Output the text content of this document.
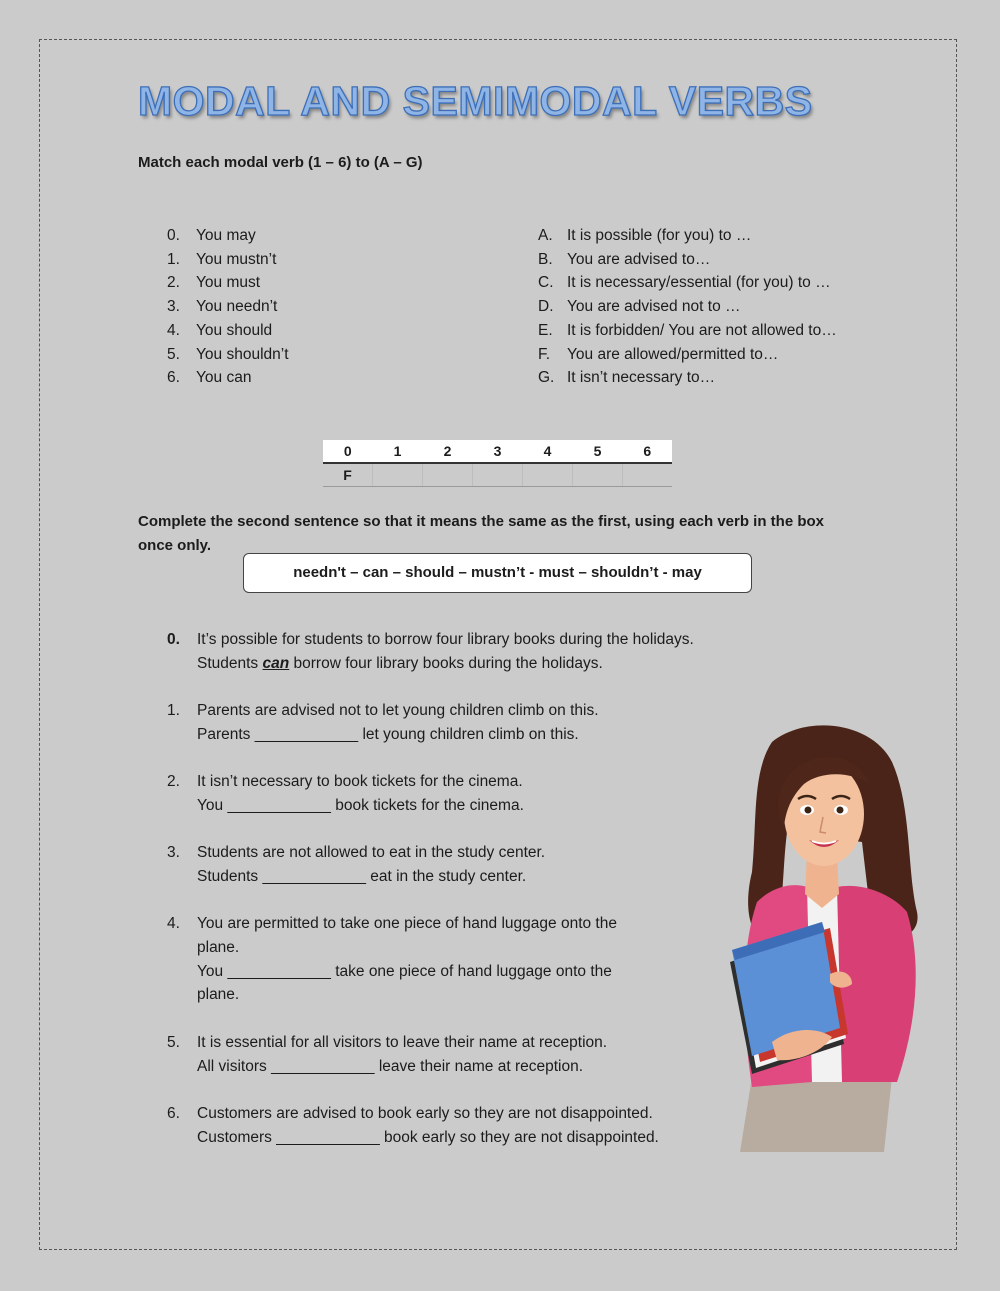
MODAL AND SEMIMODAL VERBS
Match each modal verb (1 – 6) to (A – G)
0.	You may
1.	You mustn’t
2.	You must
3.	You needn’t
4.	You should
5.	You shouldn’t
6.	You can
A. It is possible (for you) to …
B. You are advised to…
C. It is necessary/essential (for you) to …
D. You are advised not to …
E. It is forbidden/ You are not allowed to…
F.	You are allowed/permitted to…
G. It isn’t necessary to…
0	1	2	3	4	5	6
F						
Complete the second sentence so that it means the same as the first, using each verb in the box
once only.
needn't – can – should – mustn’t - must – shouldn’t - may
0.	It’s possible for students to borrow four library books during the holidays.
Students can borrow four library books during the holidays.
1.	Parents are advised not to let young children climb on this.
Parents ____________ let young children climb on this.
2.	It isn’t necessary to book tickets for the cinema.
You ____________ book tickets for the cinema.
3.	Students are not allowed to eat in the study center.
Students ____________ eat in the study center.
4.	You are permitted to take one piece of hand luggage onto the plane.
You ____________ take one piece of hand luggage onto the plane.
5.	It is essential for all visitors to leave their name at reception.
All visitors ____________ leave their name at reception.
6.	Customers are advised to book early so they are not disappointed.
Customers ____________ book early so they are not disappointed.
